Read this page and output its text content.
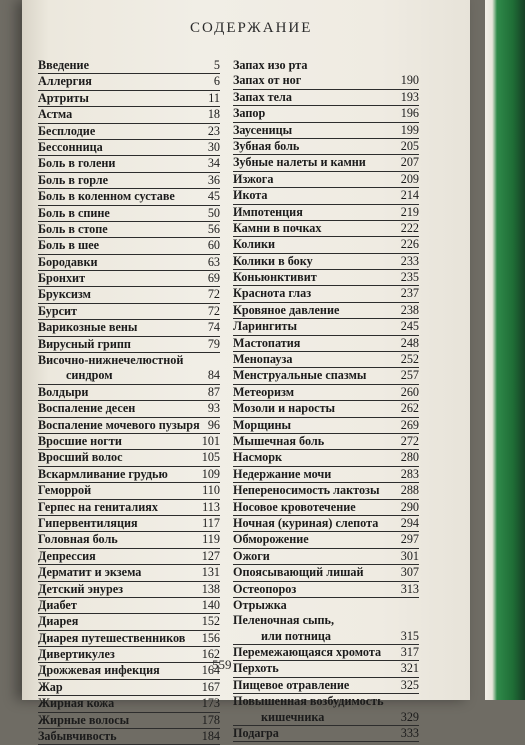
СОДЕРЖАНИЕ
Введение	5
Аллергия	6
Артриты	11
Астма	18
Бесплодие	23
Бессонница	30
Боль в голени	34
Боль в горле	36
Боль в коленном суставе	45
Боль в спине	50
Боль в стопе	56
Боль в шее	60
Бородавки	63
Бронхит	69
Бруксизм	72
Бурсит	72
Варикозные вены	74
Вирусный грипп	79
Височно-нижнечелюстной
синдром	84
Волдыри	87
Воспаление десен	93
Воспаление мочевого пузыря 96
Вросшие ногти	101
Вросший волос	105
Вскармливание грудью	109
Геморрой	110
Герпес на гениталиях	113
Гипервентиляция	117
Головная боль	119
Депрессия	127
Дерматит и экзема	131
Детский энурез	138
Диабет	140
Диарея	152
Диарея путешественников 156
Дивертикулез	162
Дрожжевая инфекция	164
Жар	167
Жирная кожа	173
Жирные волосы	178
Забывчивость	184
Запах изо рта
Запах от ног	190
Запах тела	193
Запор	196
Заусеницы	199
Зубная боль	205
Зубные налеты и камни	207
Изжога	209
Икота	214
Импотенция	219
Камни в почках	222
Колики	226
Колики в боку	233
Коньюнктивит	235
Краснота глаз	237
Кровяное давление	238
Ларингиты	245
Мастопатия	248
Менопауза	252
Менструальные спазмы	257
Метеоризм	260
Мозоли и наросты	262
Морщины	269
Мышечная боль	272
Насморк	280
Недержание мочи	283
Непереносимость лактозы 288
Носовое кровотечение	290
Ночная (куриная) слепота 294
Обморожение	297
Ожоги	301
Опоясывающий лишай	307
Остеопороз	313
Отрыжка
Пеленочная сыпь,
или потница	315
Перемежающаяся хромота 317
Перхоть	321
Пищевое отравление	325
Повышенная возбудимость
кишечника	329
Подагра	333
559
